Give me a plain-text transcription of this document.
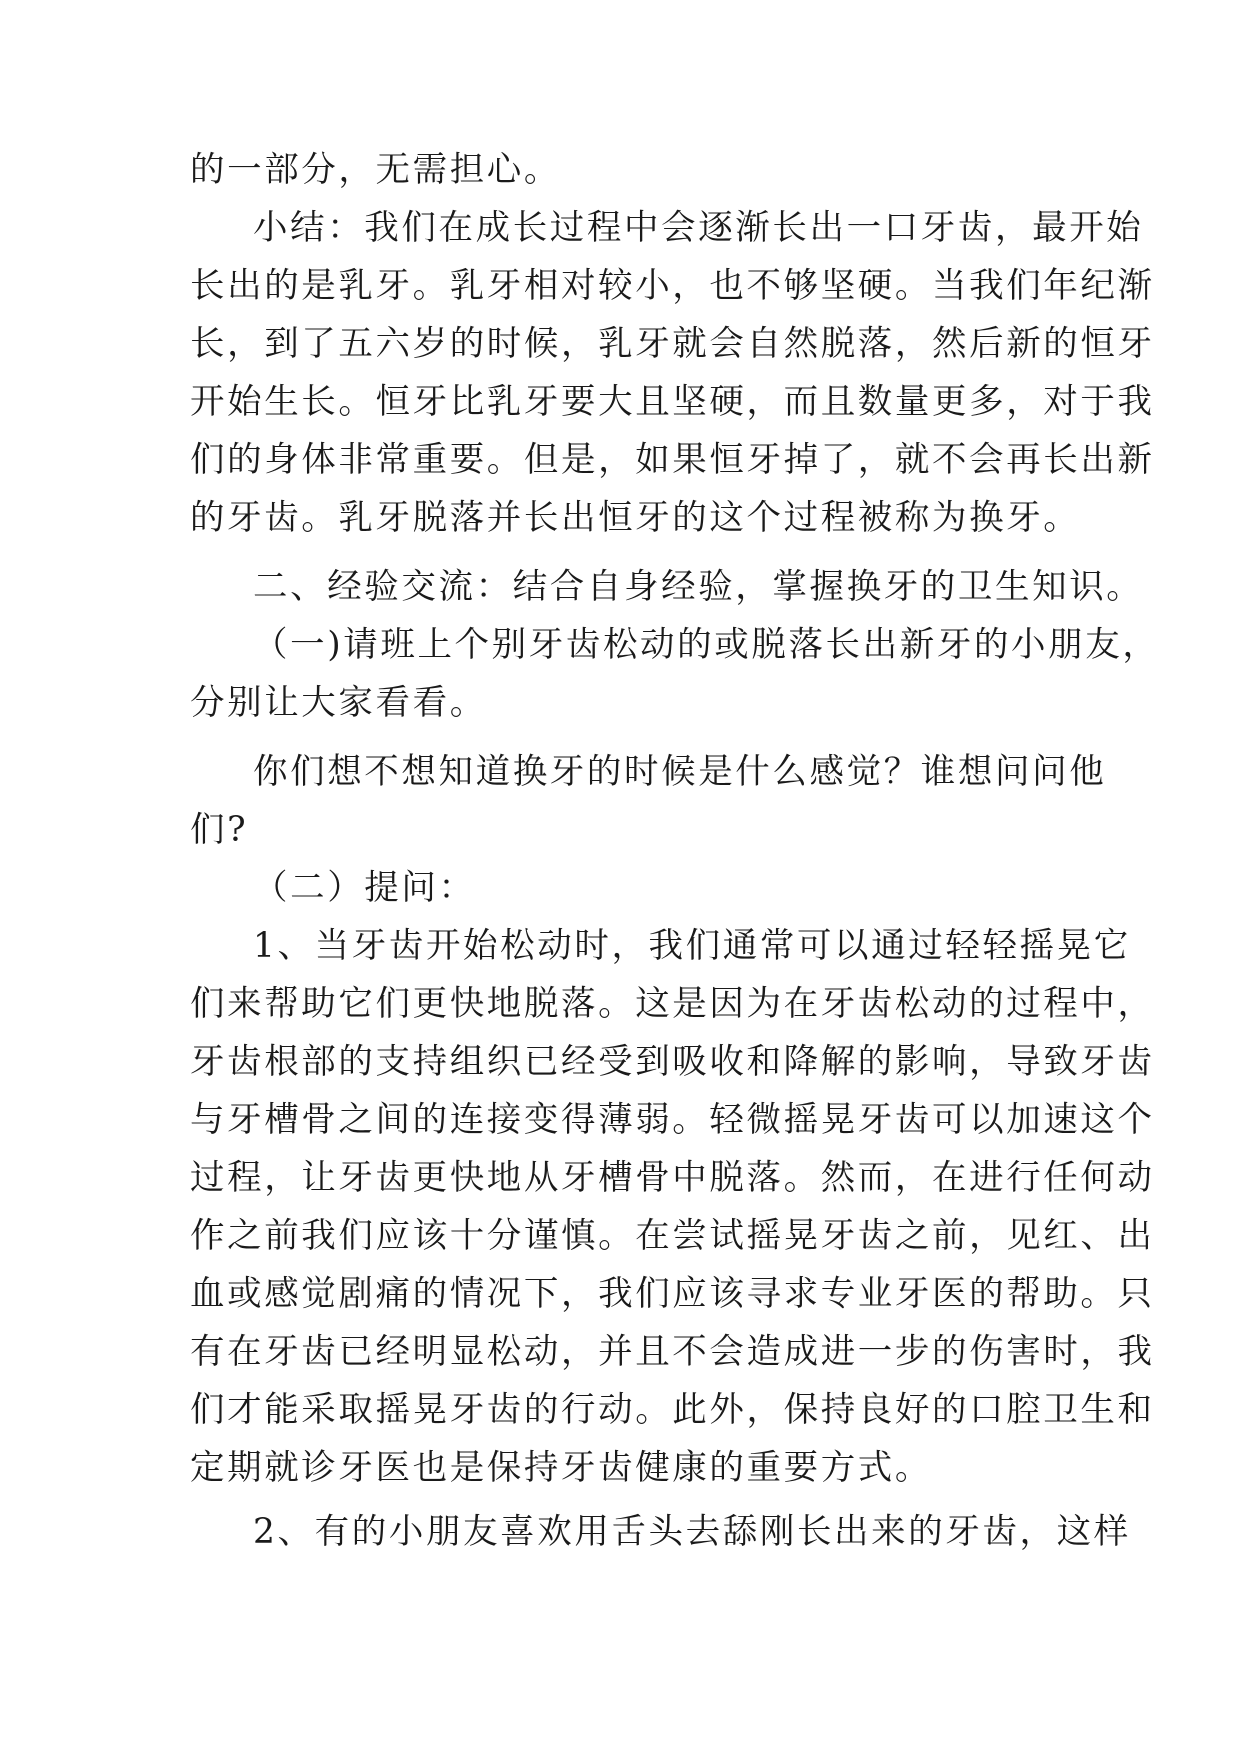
的一部分，无需担心。
小结：我们在成长过程中会逐渐长出一口牙齿，最开始
长出的是乳牙。乳牙相对较小，也不够坚硬。当我们年纪渐
长，到了五六岁的时候，乳牙就会自然脱落，然后新的恒牙
开始生长。恒牙比乳牙要大且坚硬，而且数量更多，对于我
们的身体非常重要。但是，如果恒牙掉了，就不会再长出新
的牙齿。乳牙脱落并长出恒牙的这个过程被称为换牙。
二、经验交流：结合自身经验，掌握换牙的卫生知识。
（一)请班上个别牙齿松动的或脱落长出新牙的小朋友，
分别让大家看看。
你们想不想知道换牙的时候是什么感觉？谁想问问他
们?
（二）提问：
1、当牙齿开始松动时，我们通常可以通过轻轻摇晃它
们来帮助它们更快地脱落。这是因为在牙齿松动的过程中，
牙齿根部的支持组织已经受到吸收和降解的影响，导致牙齿
与牙槽骨之间的连接变得薄弱。轻微摇晃牙齿可以加速这个
过程，让牙齿更快地从牙槽骨中脱落。然而，在进行任何动
作之前我们应该十分谨慎。在尝试摇晃牙齿之前，见红、出
血或感觉剧痛的情况下，我们应该寻求专业牙医的帮助。只
有在牙齿已经明显松动，并且不会造成进一步的伤害时，我
们才能采取摇晃牙齿的行动。此外，保持良好的口腔卫生和
定期就诊牙医也是保持牙齿健康的重要方式。
2、有的小朋友喜欢用舌头去舔刚长出来的牙齿，这样
